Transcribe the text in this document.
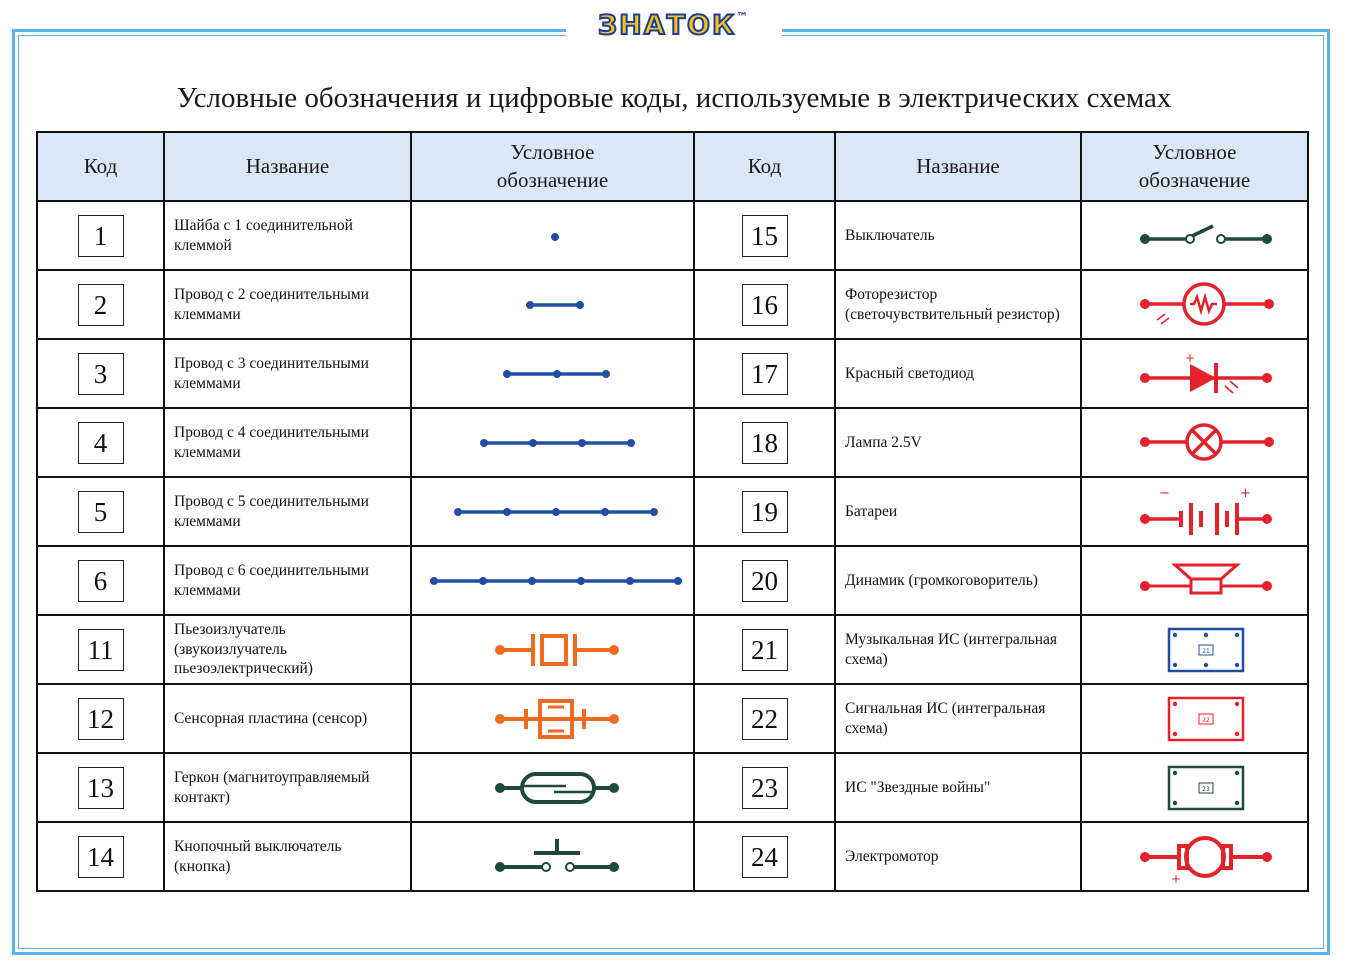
ЗНАТОК™
Условные обозначения и цифровые коды, используемые в электрических схемах
Код	Название	Условное обозначение	Код	Название	Условное обозначение

1	Шайба с 1 соединительной клеммой		15	Выключатель	

2	Провод с 2 соединительными клеммами		16	Фоторезистор (светочувствительный резистор)	

3	Провод с 3 соединительными клеммами		17	Красный светодиод	+

4	Провод с 4 соединительными клеммами		18	Лампа 2.5V	

5	Провод с 5 соединительными клеммами		19	Батареи	− +

6	Провод с 6 соединительными клеммами		20	Динамик (громкоговоритель)	

11	Пьезоизлучатель (звукоизлучатель пьезоэлектрический)		21	Музыкальная ИС (интегральная схема)	21

12	Сенсорная пластина (сенсор)		22	Сигнальная ИС (интегральная схема)	22

13	Геркон (магнитоуправляемый контакт)		23	ИС "Звездные войны"	23

14	Кнопочный выключатель (кнопка)		24	Электромотор	+
